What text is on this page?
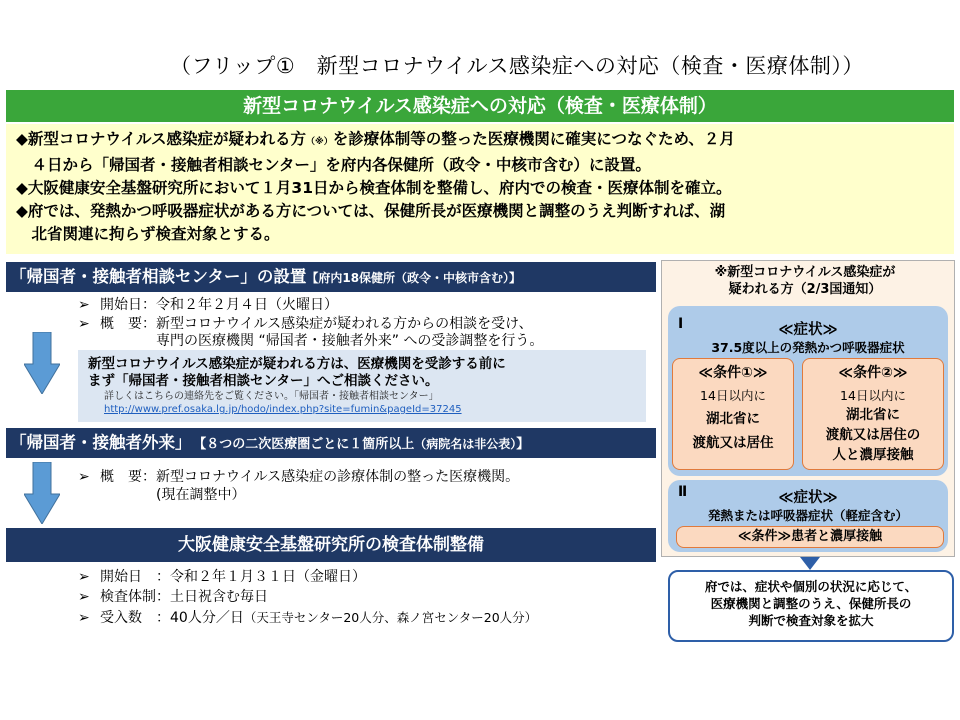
（フリップ①　新型コロナウイルス感染症への対応（検査・医療体制））
新型コロナウイルス感染症への対応（検査・医療体制）

◆新型コロナウイルス感染症が疑われる方（※）を診療体制等の整った医療機関に確実につなぐため、２月

　４日から「帰国者・接触者相談センター」を府内各保健所（政令・中核市含む）に設置。

◆大阪健康安全基盤研究所において１月31日から検査体制を整備し、府内での検査・医療体制を確立。

◆府では、発熱かつ呼吸器症状がある方については、保健所長が医療機関と調整のうえ判断すれば、湖

　北省関連に拘らず検査対象とする。

「帰国者・接触者相談センター」の設置【府内18保健所（政令・中核市含む）】
➢ 開始日：令和２年２月４日（火曜日）
➢ 概　要：新型コロナウイルス感染症が疑われる方からの相談を受け、
　　　　専門の医療機関 “帰国者・接触者外来” への受診調整を行う。
新型コロナウイルス感染症が疑われる方は、医療機関を受診する前に
まず「帰国者・接触者相談センター」へご相談ください。
詳しくはこちらの連絡先をご覧ください。「帰国者・接触者相談センター」
http://www.pref.osaka.lg.jp/hodo/index.php?site=fumin&pageId=37245
「帰国者・接触者外来」　 【８つの二次医療圏ごとに１箇所以上（病院名は非公表）】
➢ 概　要：新型コロナウイルス感染症の診療体制の整った医療機関。
　　　　(現在調整中）
大阪健康安全基盤研究所の検査体制整備
➢ 開始日　：令和２年１月３１日（金曜日）
➢ 検査体制：土日祝含む毎日
➢ 受入数　：40人分／日（天王寺センター20人分、森ノ宮センター20人分）
※新型コロナウイルス感染症が
疑われる方（2/3国通知）
Ⅰ	≪症状≫
37.5度以上の発熱かつ呼吸器症状
≪条件①≫
14日以内に
湖北省に
渡航又は居住
≪条件②≫
14日以内に
湖北省に
渡航又は居住の
人と濃厚接触
Ⅱ	≪症状≫
発熱または呼吸器症状（軽症含む）
≪条件≫患者と濃厚接触
府では、症状や個別の状況に応じて、
医療機関と調整のうえ、保健所長の
判断で検査対象を拡大
